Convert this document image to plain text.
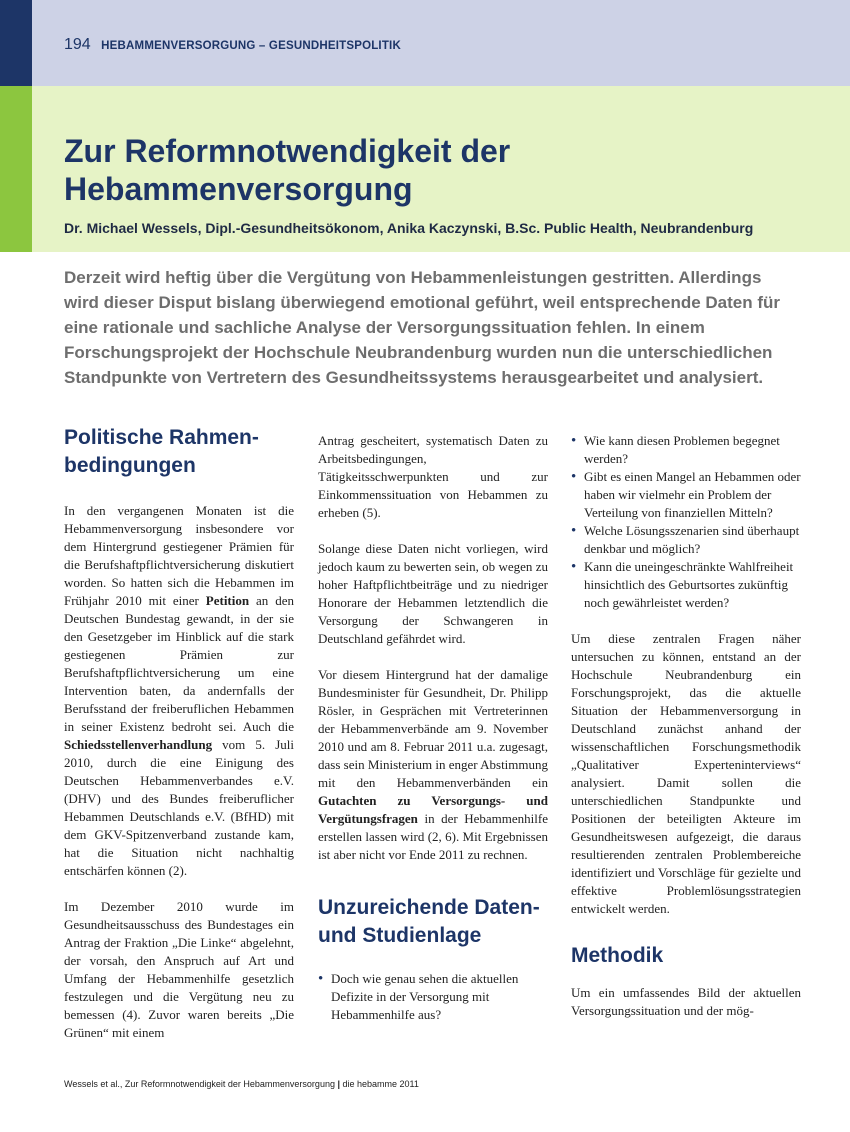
194 HEBAMMENVERSORGUNG – GESUNDHEITSPOLITIK
Zur Reformnotwendigkeit der
Hebammenversorgung
Dr. Michael Wessels, Dipl.-Gesundheitsökonom, Anika Kaczynski, B.Sc. Public Health, Neubrandenburg

Derzeit wird heftig über die Vergütung von Hebammenleistungen gestritten. Allerdings wird dieser Disput bislang überwiegend emotional geführt, weil entsprechende Daten für eine rationale und sachliche Analyse der Versorgungssituation fehlen. In einem Forschungsprojekt der Hochschule Neubrandenburg wurden nun die unterschiedlichen Standpunkte von Vertretern des Gesundheitssystems herausgearbeitet und analysiert.

Politische Rahmen-
bedingungen

In den vergangenen Monaten ist die Hebammenversorgung insbesondere vor dem Hintergrund gestiegener Prämien für die Berufshaftpflichtversicherung diskutiert worden. So hatten sich die Hebammen im Frühjahr 2010 mit einer Petition an den Deutschen Bundestag gewandt, in der sie den Gesetzgeber im Hinblick auf die stark gestiegenen Prämien zur Berufshaftpflichtversicherung um eine Intervention baten, da andernfalls der Berufsstand der freiberuflichen Hebammen in seiner Existenz bedroht sei. Auch die Schiedsstellenverhandlung vom 5. Juli 2010, durch die eine Einigung des Deutschen Hebammenverbandes e.V. (DHV) und des Bundes freiberuflicher Hebammen Deutschlands e.V. (BfHD) mit dem GKV-Spitzenverband zustande kam, hat die Situation nicht nachhaltig entschärfen können (2).

Im Dezember 2010 wurde im Gesundheitsausschuss des Bundestages ein Antrag der Fraktion „Die Linke“ abgelehnt, der vorsah, den Anspruch auf Art und Umfang der Hebammenhilfe gesetzlich festzulegen und die Vergütung neu zu bemessen (4). Zuvor waren bereits „Die Grünen“ mit einem

Antrag gescheitert, systematisch Daten zu Arbeitsbedingungen, Tätigkeitsschwerpunkten und zur Einkommenssituation von Hebammen zu erheben (5).

Solange diese Daten nicht vorliegen, wird jedoch kaum zu bewerten sein, ob wegen zu hoher Haftpflichtbeiträge und zu niedriger Honorare der Hebammen letztendlich die Versorgung der Schwangeren in Deutschland gefährdet wird.

Vor diesem Hintergrund hat der damalige Bundesminister für Gesundheit, Dr. Philipp Rösler, in Gesprächen mit Vertreterinnen der Hebammenverbände am 9. November 2010 und am 8. Februar 2011 u.a. zugesagt, dass sein Ministerium in enger Abstimmung mit den Hebammenverbänden ein Gutachten zu Versorgungs- und Vergütungsfragen in der Hebammenhilfe erstellen lassen wird (2, 6). Mit Ergebnissen ist aber nicht vor Ende 2011 zu rechnen.

Unzureichende Daten-
und Studienlage
• Doch wie genau sehen die aktuellen Defizite in der Versorgung mit Hebammenhilfe aus?
• Wie kann diesen Problemen begegnet werden?
• Gibt es einen Mangel an Hebammen oder haben wir vielmehr ein Problem der Verteilung von finanziellen Mitteln?
• Welche Lösungsszenarien sind überhaupt denkbar und möglich?
• Kann die uneingeschränkte Wahlfreiheit hinsichtlich des Geburtsortes zukünftig noch gewährleistet werden?

Um diese zentralen Fragen näher untersuchen zu können, entstand an der Hochschule Neubrandenburg ein Forschungsprojekt, das die aktuelle Situation der Hebammenversorgung in Deutschland zunächst anhand der wissenschaftlichen Forschungsmethodik „Qualitativer Experteninterviews“ analysiert. Damit sollen die unterschiedlichen Standpunkte und Positionen der beteiligten Akteure im Gesundheitswesen aufgezeigt, die daraus resultierenden zentralen Problembereiche identifiziert und Vorschläge für gezielte und effektive Problemlösungsstrategien entwickelt werden.

Methodik

Um ein umfassendes Bild der aktuellen Versorgungssituation und der mög-

Wessels et al., Zur Reformnotwendigkeit der Hebammenversorgung | die hebamme 2011
